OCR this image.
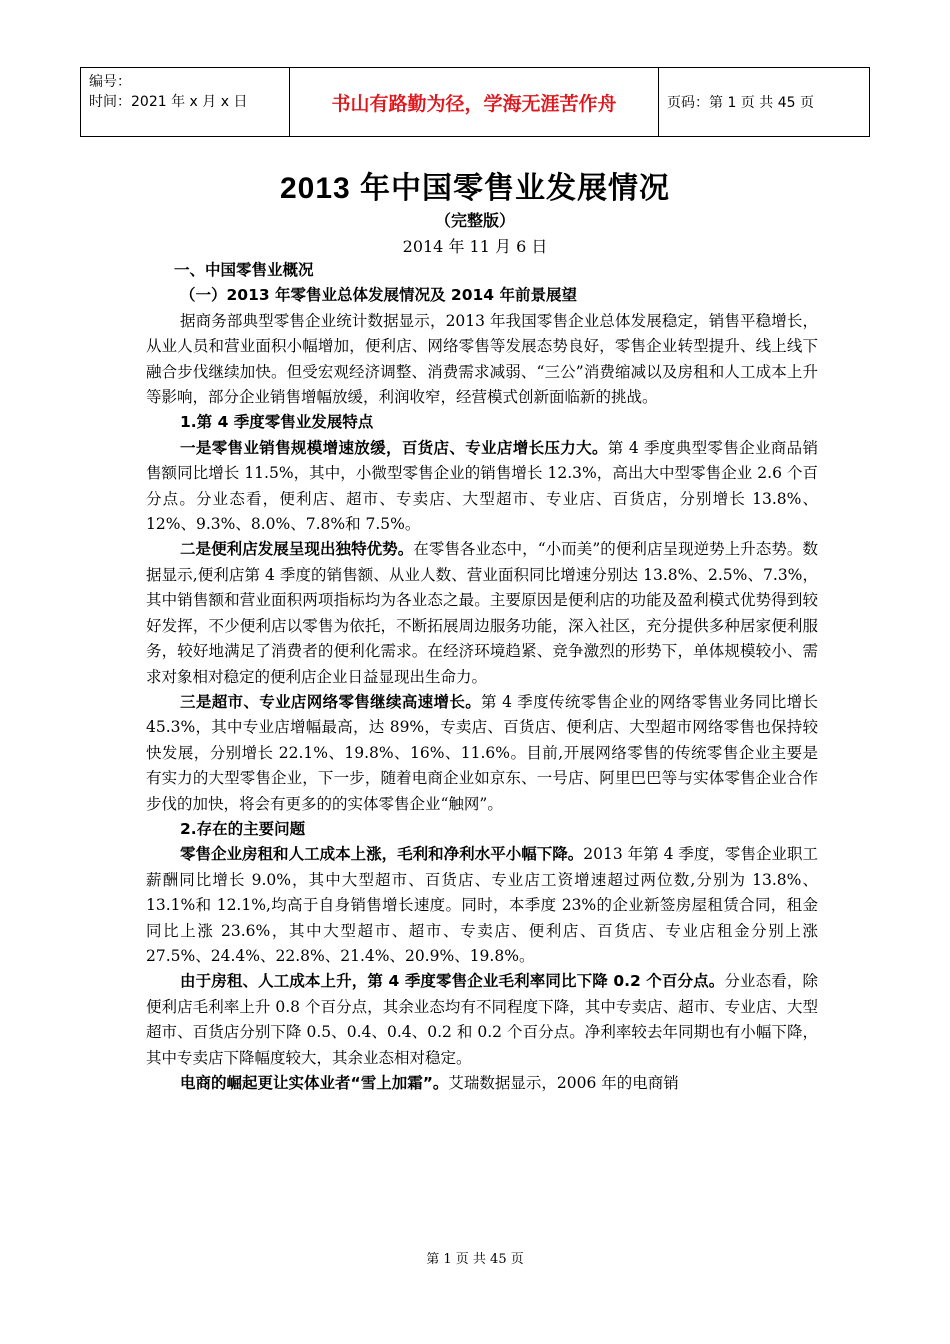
编号：
时间：2021 年 x 月 x 日	书山有路勤为径，学海无涯苦作舟	页码：第 1 页 共 45 页
2013 年中国零售业发展情况
（完整版）
2014 年 11 月 6 日

一、中国零售业概况

（一）2013 年零售业总体发展情况及 2014 年前景展望

据商务部典型零售企业统计数据显示，2013 年我国零售企业总体发展稳定，销售平稳增长，从业人员和营业面积小幅增加，便利店、网络零售等发展态势良好，零售企业转型提升、线上线下融合步伐继续加快。但受宏观经济调整、消费需求减弱、“三公”消费缩减以及房租和人工成本上升等影响，部分企业销售增幅放缓，利润收窄，经营模式创新面临新的挑战。

1.第 4 季度零售业发展特点

一是零售业销售规模增速放缓，百货店、专业店增长压力大。第 4 季度典型零售企业商品销售额同比增长 11.5%，其中，小微型零售企业的销售增长 12.3%，高出大中型零售企业 2.6 个百分点。分业态看，便利店、超市、专卖店、大型超市、专业店、百货店，分别增长 13.8%、12%、9.3%、8.0%、7.8%和 7.5%。

二是便利店发展呈现出独特优势。在零售各业态中，“小而美”的便利店呈现逆势上升态势。数据显示,便利店第 4 季度的销售额、从业人数、营业面积同比增速分别达 13.8%、2.5%、7.3%，其中销售额和营业面积两项指标均为各业态之最。主要原因是便利店的功能及盈利模式优势得到较好发挥，不少便利店以零售为依托，不断拓展周边服务功能，深入社区，充分提供多种居家便利服务，较好地满足了消费者的便利化需求。在经济环境趋紧、竞争激烈的形势下，单体规模较小、需求对象相对稳定的便利店企业日益显现出生命力。

三是超市、专业店网络零售继续高速增长。第 4 季度传统零售企业的网络零售业务同比增长 45.3%，其中专业店增幅最高，达 89%，专卖店、百货店、便利店、大型超市网络零售也保持较快发展，分别增长 22.1%、19.8%、16%、11.6%。目前,开展网络零售的传统零售企业主要是有实力的大型零售企业，下一步，随着电商企业如京东、一号店、阿里巴巴等与实体零售企业合作步伐的加快，将会有更多的的实体零售企业“触网”。

2.存在的主要问题

零售企业房租和人工成本上涨，毛利和净利水平小幅下降。2013 年第 4 季度，零售企业职工薪酬同比增长 9.0%，其中大型超市、百货店、专业店工资增速超过两位数,分别为 13.8%、13.1%和 12.1%,均高于自身销售增长速度。同时，本季度 23%的企业新签房屋租赁合同，租金同比上涨 23.6%，其中大型超市、超市、专卖店、便利店、百货店、专业店租金分别上涨 27.5%、24.4%、22.8%、21.4%、20.9%、19.8%。

由于房租、人工成本上升，第 4 季度零售企业毛利率同比下降 0.2 个百分点。分业态看，除便利店毛利率上升 0.8 个百分点，其余业态均有不同程度下降，其中专卖店、超市、专业店、大型超市、百货店分别下降 0.5、0.4、0.4、0.2 和 0.2 个百分点。净利率较去年同期也有小幅下降，其中专卖店下降幅度较大，其余业态相对稳定。

电商的崛起更让实体业者“雪上加霜”。艾瑞数据显示，2006 年的电商销

第 1 页 共 45 页
